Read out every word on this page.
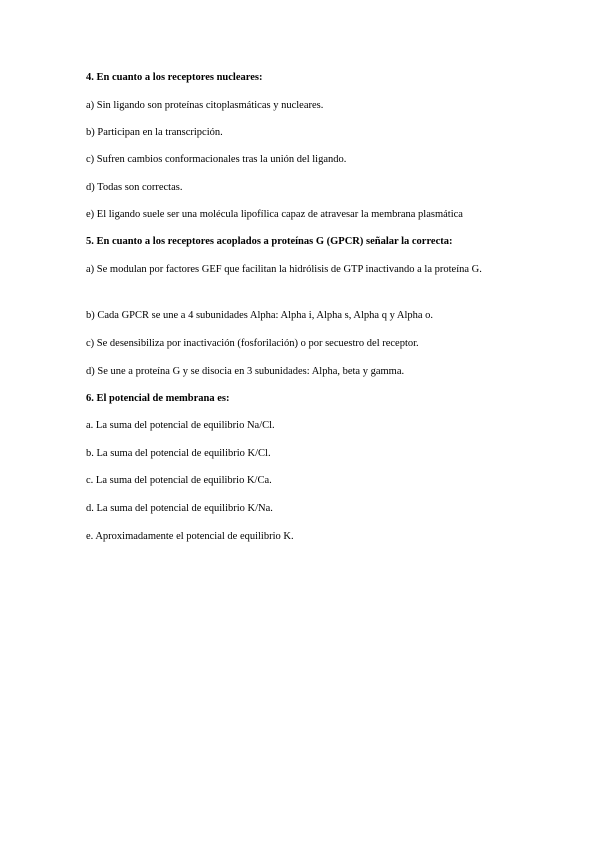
4. En cuanto a los receptores nucleares:
a) Sin ligando son proteínas citoplasmáticas y nucleares.
b) Participan en la transcripción.
c) Sufren cambios conformacionales tras la unión del ligando.
d) Todas son correctas.
e) El ligando suele ser una molécula lipofílica capaz de atravesar la membrana plasmática
5. En cuanto a los receptores acoplados a proteínas G (GPCR) señalar la correcta:
a) Se modulan por factores GEF que facilitan la hidrólisis de GTP inactivando a la proteína G.
b) Cada GPCR se une a 4 subunidades Alpha: Alpha i, Alpha s, Alpha q y Alpha o.
c) Se desensibiliza por inactivación (fosforilación) o por secuestro del receptor.
d) Se une a proteína G y se disocia en 3 subunidades: Alpha, beta y gamma.
6. El potencial de membrana es:
a. La suma del potencial de equilibrio Na/Cl.
b. La suma del potencial de equilibrio K/Cl.
c. La suma del potencial de equilibrio K/Ca.
d. La suma del potencial de equilibrio K/Na.
e. Aproximadamente el potencial de equilibrio K.
